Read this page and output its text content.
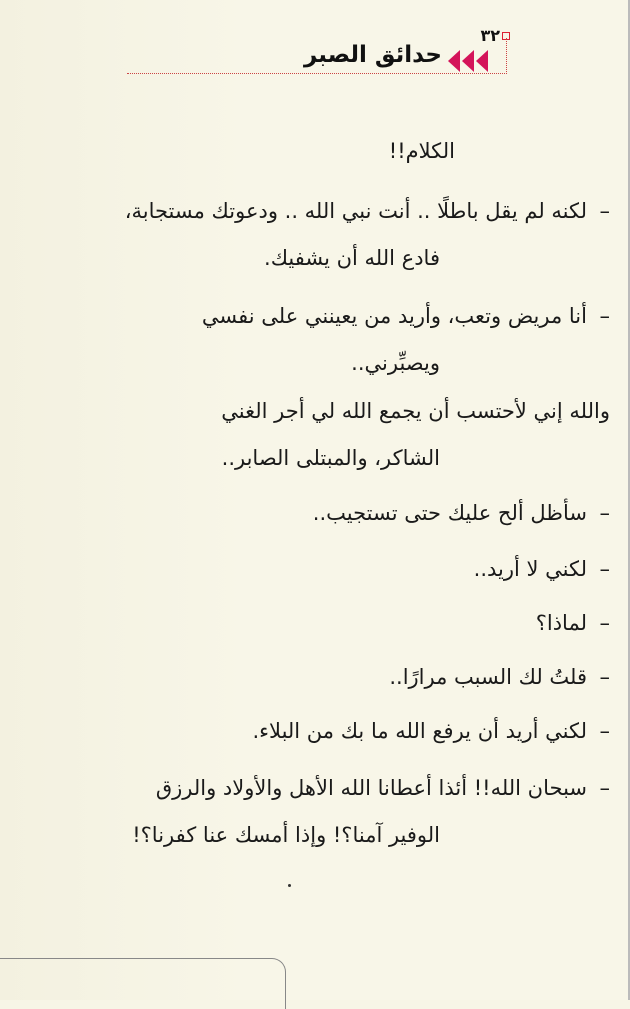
٣٢
حدائق الصبر
الكلام!!
لكنه لم يقل باطلًا .. أنت نبي الله .. ودعوتك مستجابة، –
فادع الله أن يشفيك.
أنا مريض وتعب، وأريد من يعينني على نفسي –
ويصبِّرني..
والله إني لأحتسب أن يجمع الله لي أجر الغني
الشاكر، والمبتلى الصابر..
سأظل ألح عليك حتى تستجيب.. –
لكني لا أريد.. –
لماذا؟ –
قلتُ لك السبب مرارًا.. –
لكني أريد أن يرفع الله ما بك من البلاء. –
سبحان الله!! أئذا أعطانا الله الأهل والأولاد والرزق –
الوفير آمنا؟! وإذا أمسك عنا كفرنا؟!
